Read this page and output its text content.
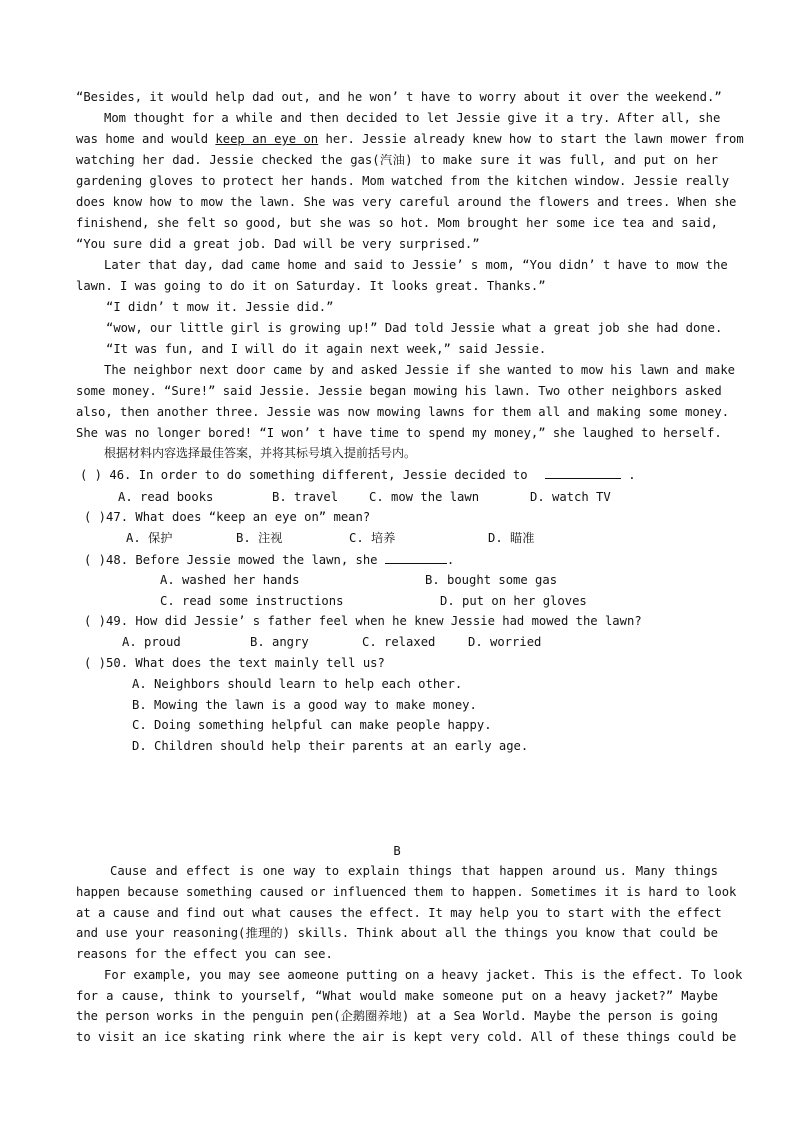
“Besides, it would help dad out, and he won’ t have to worry about it over the weekend.”
Mom thought for a while and then decided to let Jessie give it a try. After all, she
was home and would keep an eye on her. Jessie already knew how to start the lawn mower from
watching her dad. Jessie checked the gas(汽油) to make sure it was full, and put on her
gardening gloves to protect her hands. Mom watched from the kitchen window. Jessie really
does know how to mow the lawn. She was very careful around the flowers and trees. When she
finishend, she felt so good, but she was so hot. Mom brought her some ice tea and said,
“You sure did a great job. Dad will be very surprised.”
Later that day, dad came home and said to Jessie’ s mom, “You didn’ t have to mow the
lawn. I was going to do it on Saturday. It looks great. Thanks.”
“I didn’ t mow it. Jessie did.”
“wow, our little girl is growing up!” Dad told Jessie what a great job she had done.
“It was fun, and I will do it again next week,” said Jessie.
The neighbor next door came by and asked Jessie if she wanted to mow his lawn and make
some money. “Sure!” said Jessie. Jessie began mowing his lawn. Two other neighbors asked
also, then another three. Jessie was now mowing lawns for them all and making some money.
She was no longer bored! “I won’ t have time to spend my money,” she laughed to herself.
根据材料内容选择最佳答案，并将其标号填入提前括号内。
( ) 46. In order to do something different, Jessie decided to	.
A. read books	B. travel	C. mow the lawn	D. watch TV
( )47. What does “keep an eye on” mean?
A. 保护	B. 注视	C. 培养	D. 瞄准
( )48. Before Jessie mowed the lawn, she	.
A. washed her hands	B. bought some gas
C. read some instructions	D. put on her gloves
( )49. How did Jessie’ s father feel when he knew Jessie had mowed the lawn?
A. proud	B. angry	C. relaxed	D. worried
( )50. What does the text mainly tell us?
A. Neighbors should learn to help each other.
B. Mowing the lawn is a good way to make money.
C. Doing something helpful can make people happy.
D. Children should help their parents at an early age.
B
Cause and effect is one way to explain things that happen around us. Many things
happen because something caused or influenced them to happen. Sometimes it is hard to look
at a cause and find out what causes the effect. It may help you to start with the effect
and use your reasoning(推理的) skills. Think about all the things you know that could be
reasons for the effect you can see.
For example, you may see aomeone putting on a heavy jacket. This is the effect. To look
for a cause, think to yourself, “What would make someone put on a heavy jacket?” Maybe
the person works in the penguin pen(企鹅圈养地) at a Sea World. Maybe the person is going
to visit an ice skating rink where the air is kept very cold. All of these things could be
